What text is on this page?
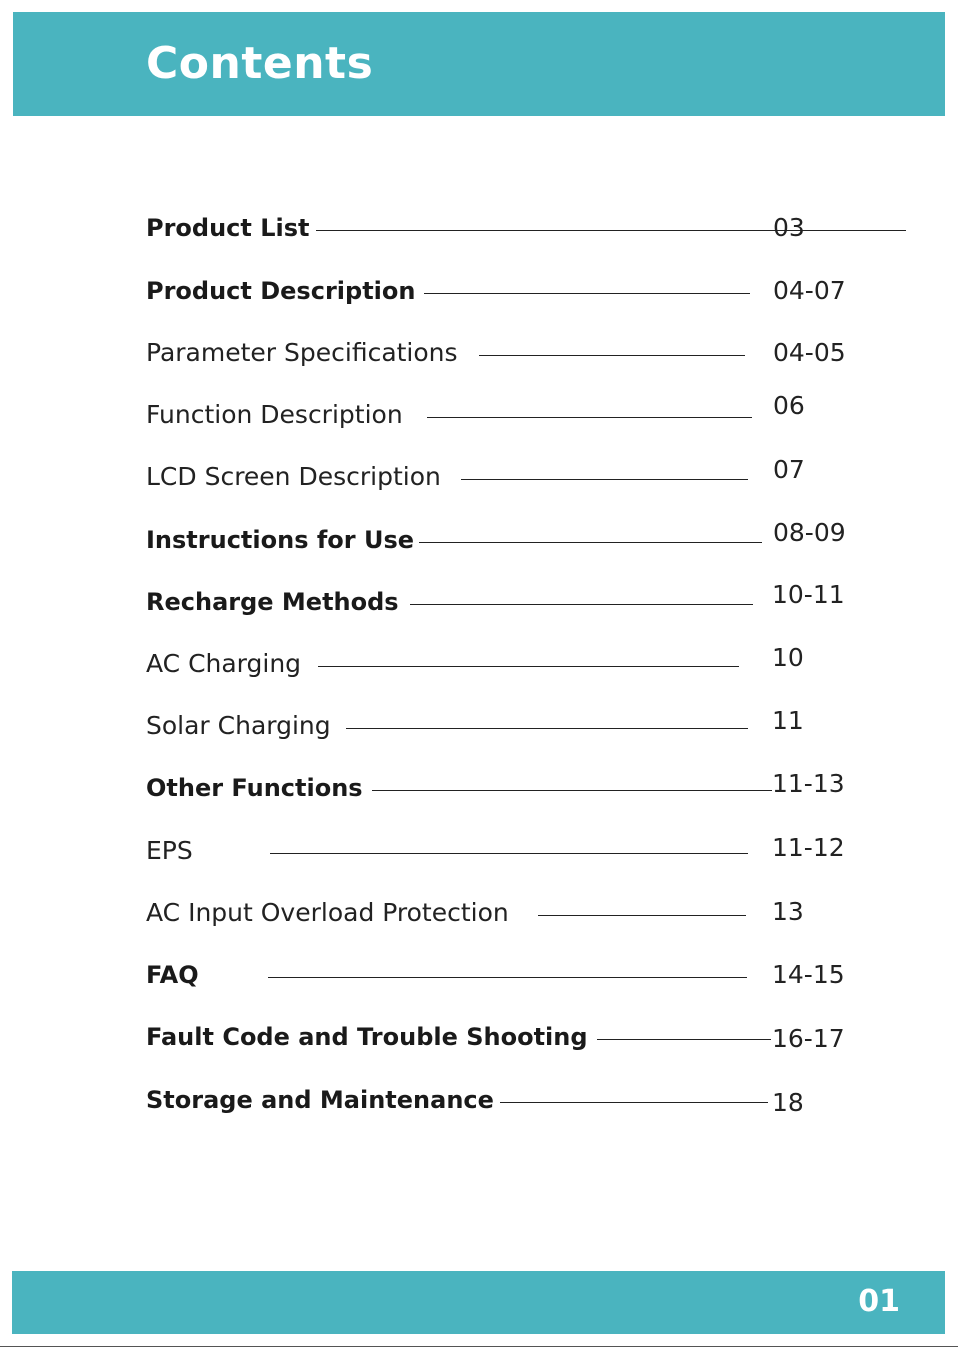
Contents
Product List	03
Product Description	04-07
Parameter Specifications	04-05
Function Description	06
LCD Screen Description	07
Instructions for Use	08-09
Recharge Methods	10-11
AC Charging	10
Solar Charging	11
Other Functions	11-13
EPS	11-12
AC Input Overload Protection	13
FAQ	14-15
Fault Code and Trouble Shooting	16-17
Storage and Maintenance	18
01
